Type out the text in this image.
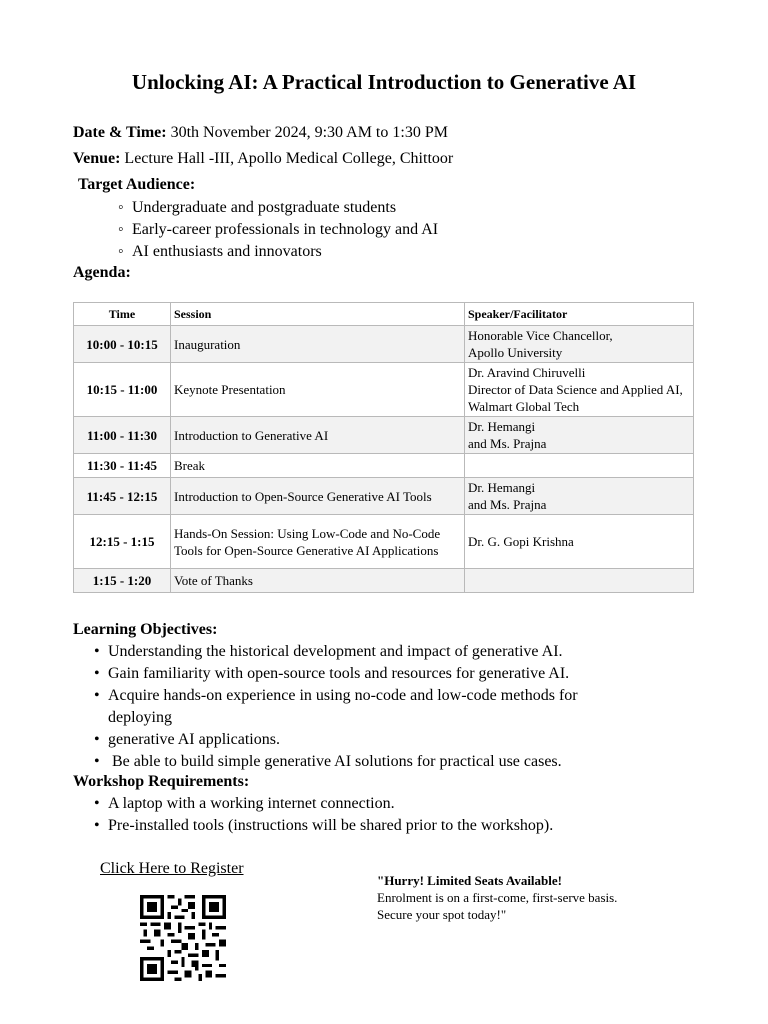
Unlocking AI: A Practical Introduction to Generative AI
Date & Time: 30th November 2024, 9:30 AM to 1:30 PM
Venue: Lecture Hall -III, Apollo Medical College, Chittoor
Target Audience:
◦ Undergraduate and postgraduate students
◦ Early-career professionals in technology and AI
◦ AI enthusiasts and innovators
Agenda:
Time	Session	Speaker/Facilitator
10:00 - 10:15	Inauguration	Honorable Vice Chancellor,
Apollo University
10:15 - 11:00	Keynote Presentation	Dr. Aravind Chiruvelli
Director of Data Science and Applied AI, Walmart Global Tech
11:00 - 11:30	Introduction to Generative AI	Dr. Hemangi
and Ms. Prajna
11:30 - 11:45	Break	
11:45 - 12:15	Introduction to Open-Source Generative AI Tools	Dr. Hemangi
and Ms. Prajna
12:15 - 1:15	Hands-On Session: Using Low-Code and No-Code Tools for Open-Source Generative AI Applications	Dr. G. Gopi Krishna
1:15 - 1:20	Vote of Thanks	
Learning Objectives:
• Understanding the historical development and impact of generative AI.
• Gain familiarity with open-source tools and resources for generative AI.
• Acquire hands-on experience in using no-code and low-code methods for
deploying
• generative AI applications.
•  Be able to build simple generative AI solutions for practical use cases.
Workshop Requirements:
• A laptop with a working internet connection.
• Pre-installed tools (instructions will be shared prior to the workshop).
Click Here to Register
"Hurry! Limited Seats Available!
Enrolment is on a first-come, first-serve basis.
Secure your spot today!"
